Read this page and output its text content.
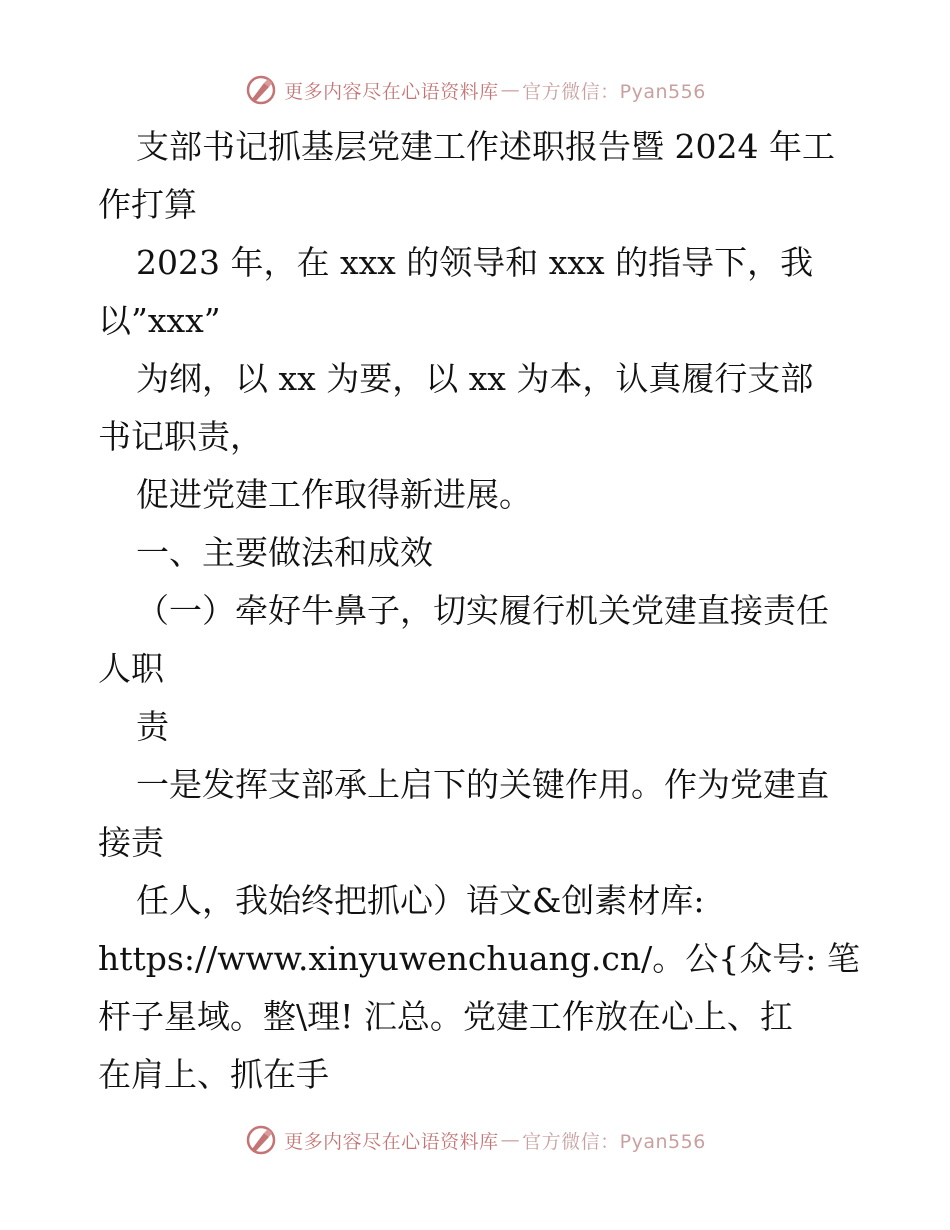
更多内容尽在心语资料库 — 官方微信：Pyan556
支部书记抓基层党建工作述职报告暨 2024 年工
作打算
2023 年，在 xxx 的领导和 xxx 的指导下，我
以”xxx”
为纲，以 xx 为要，以 xx 为本，认真履行支部
书记职责，
促进党建工作取得新进展。
一、主要做法和成效
（一）牵好牛鼻子，切实履行机关党建直接责任
人职
责
一是发挥支部承上启下的关键作用。作为党建直
接责
任人，我始终把抓心）语文&创素材库:
https://www.xinyuwenchuang.cn/。公{众号: 笔
杆子星域。整\理! 汇总。党建工作放在心上、扛
在肩上、抓在手
更多内容尽在心语资料库 — 官方微信：Pyan556
